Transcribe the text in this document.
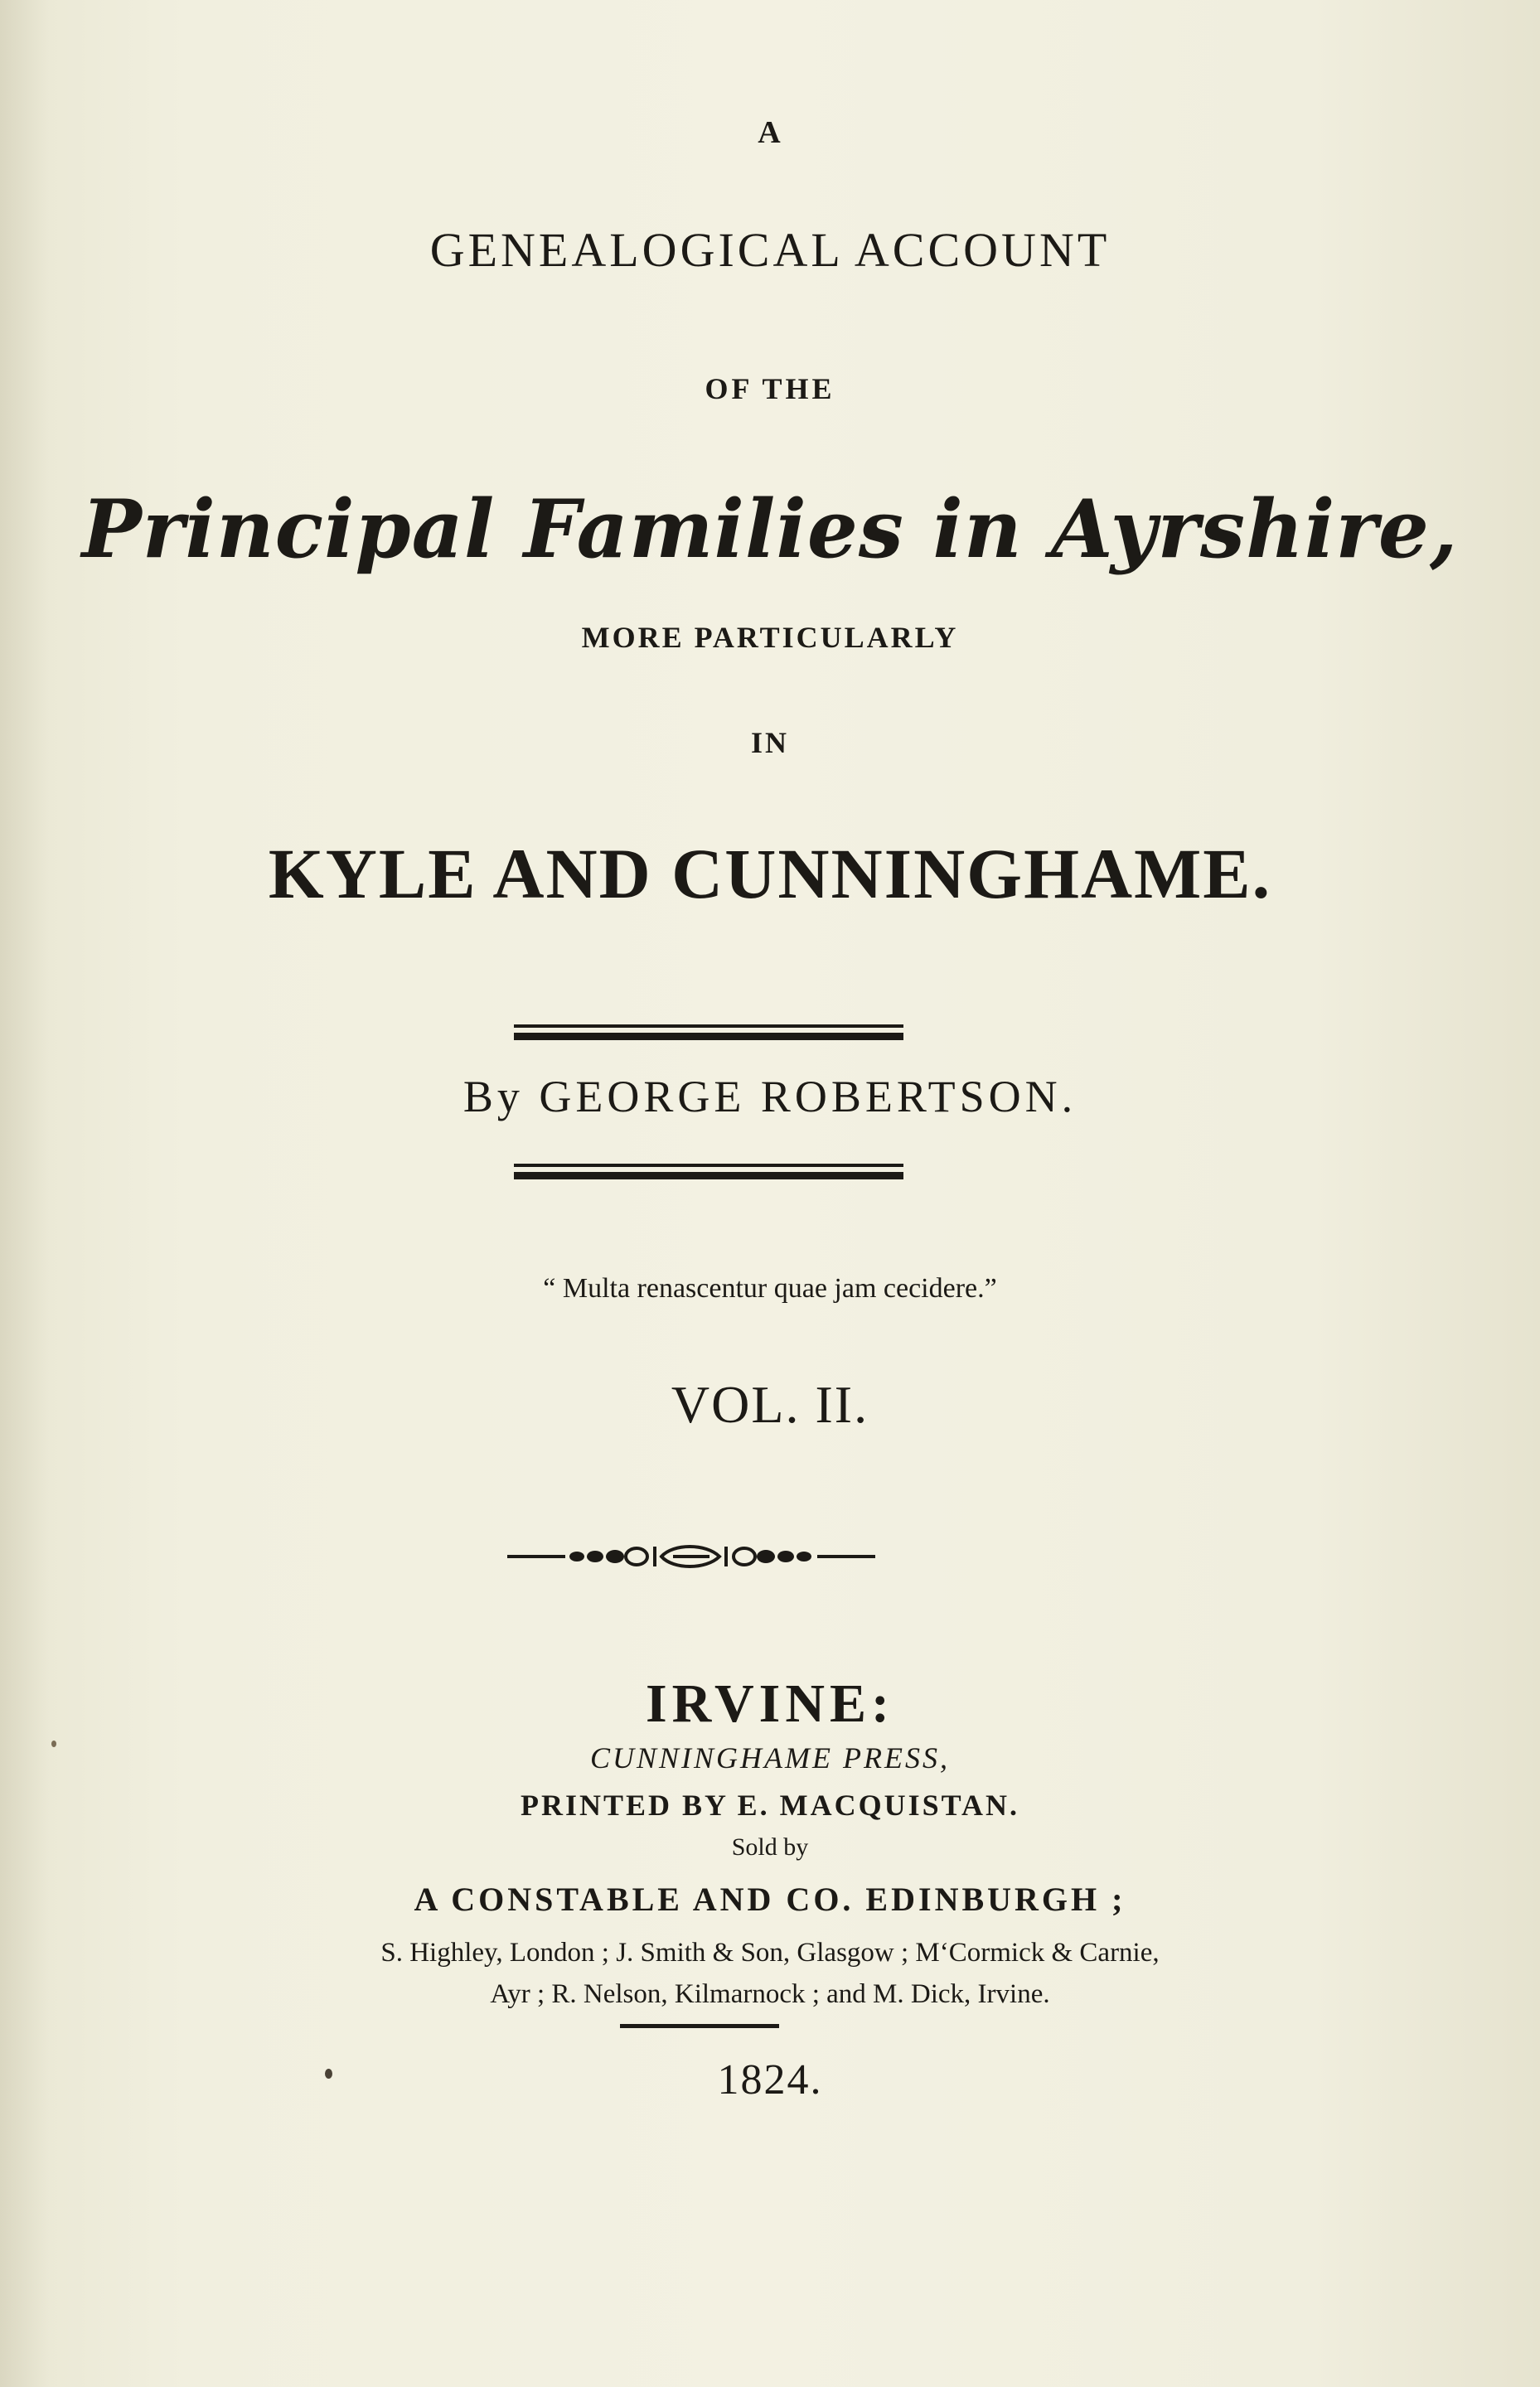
A
GENEALOGICAL ACCOUNT
OF THE
Principal Families in Ayrshire,
MORE PARTICULARLY
IN
KYLE AND CUNNINGHAME.
By GEORGE ROBERTSON.
“ Multa renascentur quae jam cecidere.”
VOL. II.
IRVINE:
CUNNINGHAME PRESS,
PRINTED BY E. MACQUISTAN.
Sold by
A CONSTABLE AND CO. EDINBURGH ;
S. Highley, London ; J. Smith & Son, Glasgow ; M‘Cormick & Carnie,
Ayr ; R. Nelson, Kilmarnock ; and M. Dick, Irvine.
1824.
